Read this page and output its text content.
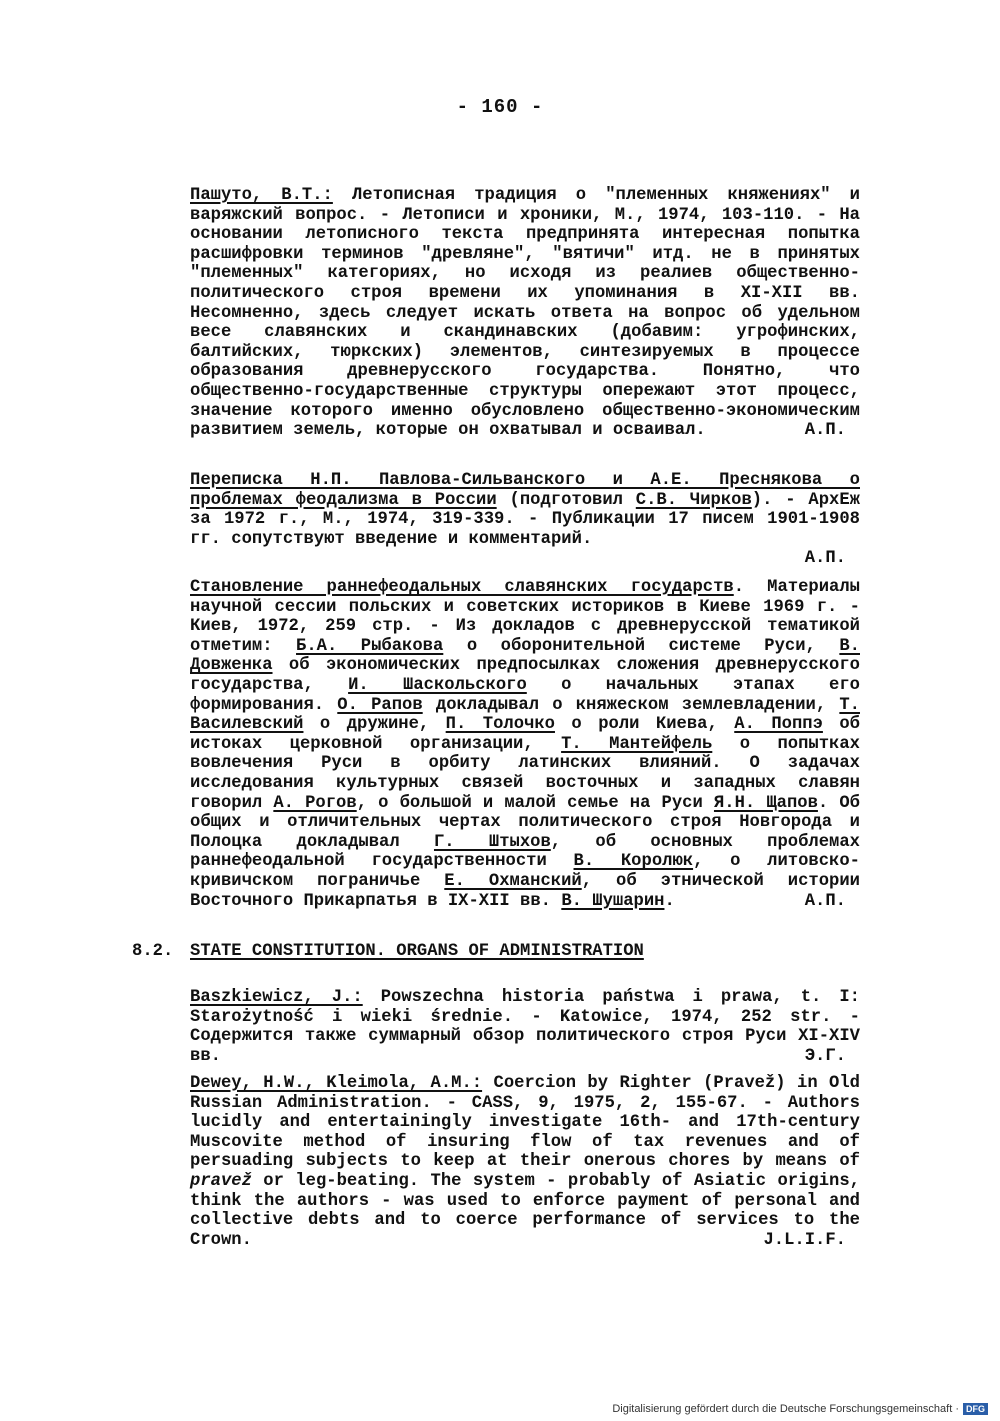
- 160 -

Пашуто, В.Т.: Летописная традиция о "племенных княжениях" и варяжский вопрос. - Летописи и хроники, М., 1974, 103-110. - На основании летописного текста предпринята интересная попытка расшифровки терминов "древляне", "вятичи" итд. не в принятых "племенных" категориях, но исходя из реалиев общественно-политического строя времени их упоминания в XI-XII вв. Несомненно, здесь следует искать ответа на вопрос об удельном весе славянских и скандинавских (добавим: угрофинских, балтийских, тюркских) элементов, синтезируемых в процессе образования древнерусского государства. Понятно, что общественно-государственные структуры опережают этот процесс, значение которого именно обусловлено общественно-экономическим развитием земель, которые он охватывал и осваивал.	А.П.

Переписка Н.П. Павлова-Сильванского и А.Е. Преснякова о проблемах феодализма в России (подготовил С.В. Чирков). - АрхЕж за 1972 г., М., 1974, 319-339. - Публикации 17 писем 1901-1908 гг. сопутствуют введение и комментарий.
А.П.

Становление раннефеодальных славянских государств. Материалы научной сессии польских и советских историков в Киеве 1969 г. - Киев, 1972, 259 стр. - Из докладов с древнерусской тематикой отметим: Б.А. Рыбакова о оборонительной системе Руси, В. Довженка об экономических предпосылках сложения древнерусского государства, И. Шаскольского о начальных этапах его формирования. О. Рапов докладывал о княжеском землевладении, Т. Василевский о дружине, П. Толочко о роли Киева, А. Поппэ об истоках церковной организации, Т. Мантейфель о попытках вовлечения Руси в орбиту латинских влияний. О задачах исследования культурных связей восточных и западных славян говорил А. Рогов, о большой и малой семье на Руси Я.Н. Щапов. Об общих и отличительных чертах политического строя Новгорода и Полоцка докладывал Г. Штыхов, об основных проблемах раннефеодальной государственности В. Королюк, о литовско-кривичском пограничье Е. Охманский, об этнической истории Восточного Прикарпатья в IX-XII вв. В. Шушарин.	А.П.

8.2. STATE CONSTITUTION. ORGANS OF ADMINISTRATION

Baszkiewicz, J.: Powszechna historia państwa i prawa, t. I: Starożytność i wieki średnie. - Katowice, 1974, 252 str. - Содержится также суммарный обзор политического строя Руси XI-XIV вв.	Э.Г.

Dewey, H.W., Kleimola, A.M.: Coercion by Righter (Pravež) in Old Russian Administration. - CASS, 9, 1975, 2, 155-67. - Authors lucidly and entertainingly investigate 16th- and 17th-century Muscovite method of insuring flow of tax revenues and of persuading subjects to keep at their onerous chores by means of pravež or leg-beating. The system - probably of Asiatic origins, think the authors - was used to enforce payment of personal and collective debts and to coerce performance of services to the Crown.	J.L.I.F.

Digitalisierung gefördert durch die Deutsche Forschungsgemeinschaft · DFG
